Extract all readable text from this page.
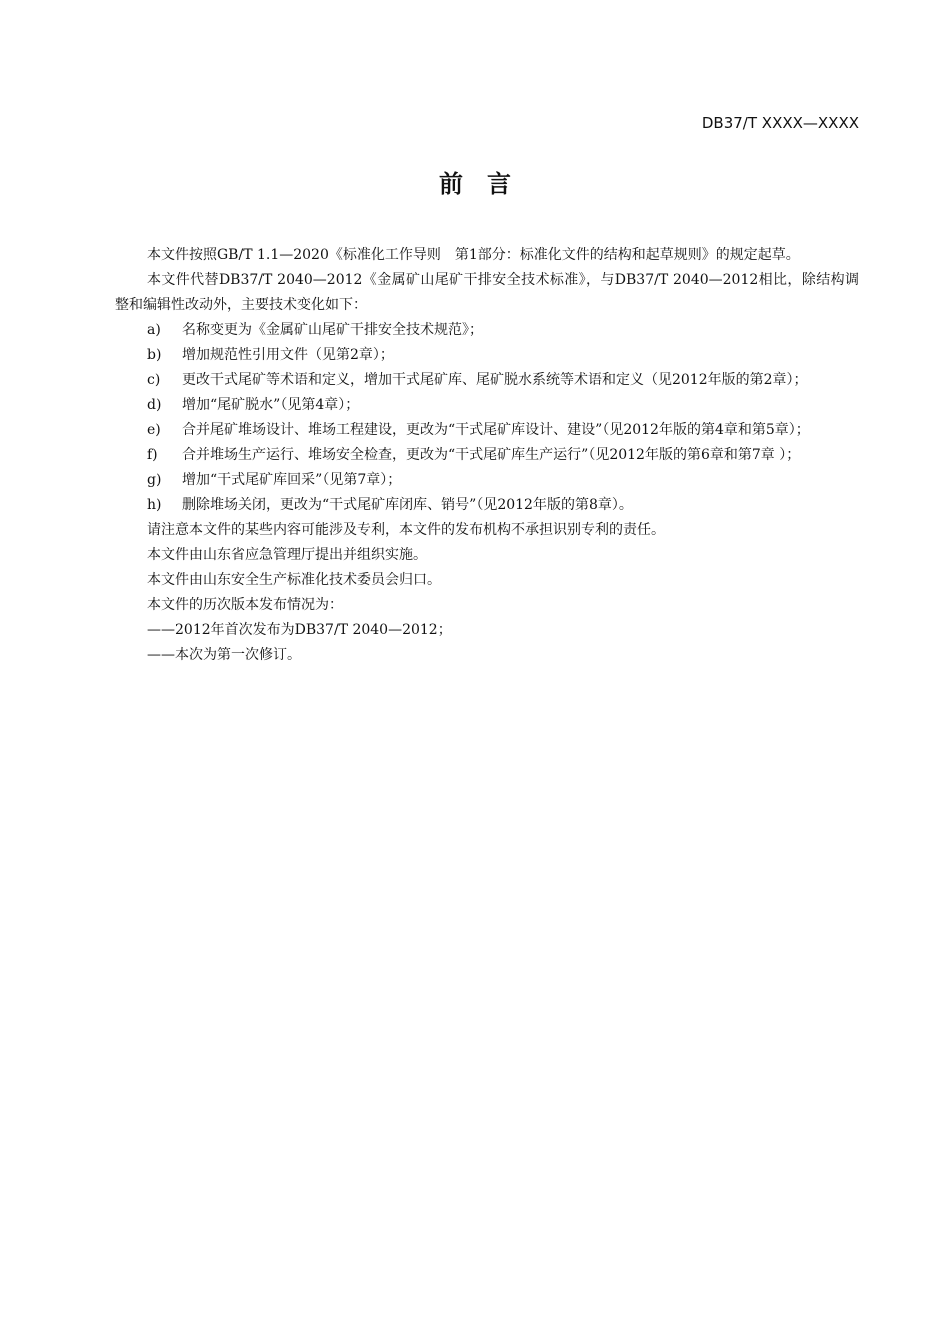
DB37/T XXXX—XXXX
前言

本文件按照GB/T 1.1—2020《标准化工作导则　第1部分：标准化文件的结构和起草规则》的规定起草。

本文件代替DB37/T 2040—2012《金属矿山尾矿干排安全技术标准》，与DB37/T 2040—2012相比，除结构调整和编辑性改动外，主要技术变化如下：

a) 名称变更为《金属矿山尾矿干排安全技术规范》；
b) 增加规范性引用文件（见第2章）；
c) 更改干式尾矿等术语和定义，增加干式尾矿库、尾矿脱水系统等术语和定义（见2012年版的第2章）；
d) 增加“尾矿脱水”（见第4章）；
e) 合并尾矿堆场设计、堆场工程建设，更改为“干式尾矿库设计、建设”（见2012年版的第4章和第5章）；
f) 合并堆场生产运行、堆场安全检查，更改为“干式尾矿库生产运行”（见2012年版的第6章和第7章 ）；
g) 增加“干式尾矿库回采”（见第7章）；
h) 删除堆场关闭，更改为“干式尾矿库闭库、销号”（见2012年版的第8章）。

请注意本文件的某些内容可能涉及专利，本文件的发布机构不承担识别专利的责任。

本文件由山东省应急管理厅提出并组织实施。

本文件由山东安全生产标准化技术委员会归口。

本文件的历次版本发布情况为：

——2012年首次发布为DB37/T 2040—2012；

——本次为第一次修订。
